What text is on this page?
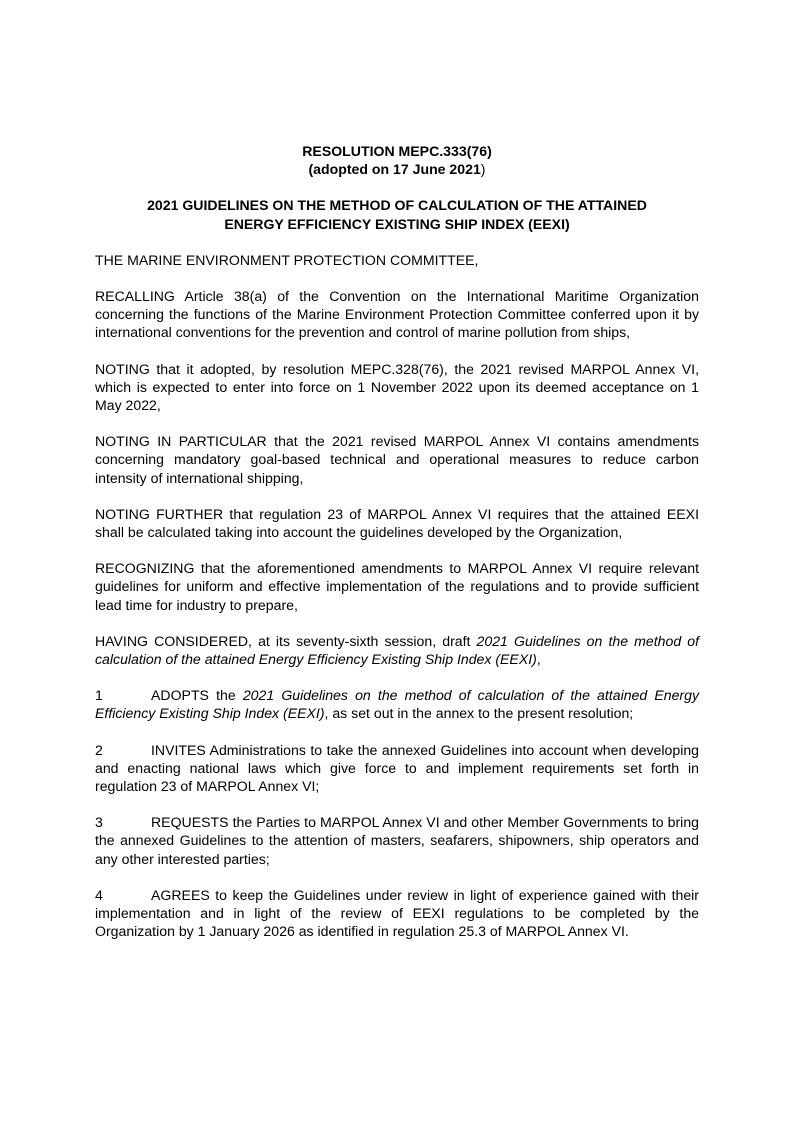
RESOLUTION MEPC.333(76)
(adopted on 17 June 2021)

2021 GUIDELINES ON THE METHOD OF CALCULATION OF THE ATTAINED
ENERGY EFFICIENCY EXISTING SHIP INDEX (EEXI)

THE MARINE ENVIRONMENT PROTECTION COMMITTEE,

RECALLING Article 38(a) of the Convention on the International Maritime Organization concerning the functions of the Marine Environment Protection Committee conferred upon it by international conventions for the prevention and control of marine pollution from ships,

NOTING that it adopted, by resolution MEPC.328(76), the 2021 revised MARPOL Annex VI, which is expected to enter into force on 1 November 2022 upon its deemed acceptance on 1 May 2022,

NOTING IN PARTICULAR that the 2021 revised MARPOL Annex VI contains amendments concerning mandatory goal-based technical and operational measures to reduce carbon intensity of international shipping,

NOTING FURTHER that regulation 23 of MARPOL Annex VI requires that the attained EEXI shall be calculated taking into account the guidelines developed by the Organization,

RECOGNIZING that the aforementioned amendments to MARPOL Annex VI require relevant guidelines for uniform and effective implementation of the regulations and to provide sufficient lead time for industry to prepare,

HAVING CONSIDERED, at its seventy-sixth session, draft 2021 Guidelines on the method of calculation of the attained Energy Efficiency Existing Ship Index (EEXI),

1	ADOPTS the 2021 Guidelines on the method of calculation of the attained Energy Efficiency Existing Ship Index (EEXI), as set out in the annex to the present resolution;

2	INVITES Administrations to take the annexed Guidelines into account when developing and enacting national laws which give force to and implement requirements set forth in regulation 23 of MARPOL Annex VI;

3	REQUESTS the Parties to MARPOL Annex VI and other Member Governments to bring the annexed Guidelines to the attention of masters, seafarers, shipowners, ship operators and any other interested parties;

4	AGREES to keep the Guidelines under review in light of experience gained with their implementation and in light of the review of EEXI regulations to be completed by the Organization by 1 January 2026 as identified in regulation 25.3 of MARPOL Annex VI.
